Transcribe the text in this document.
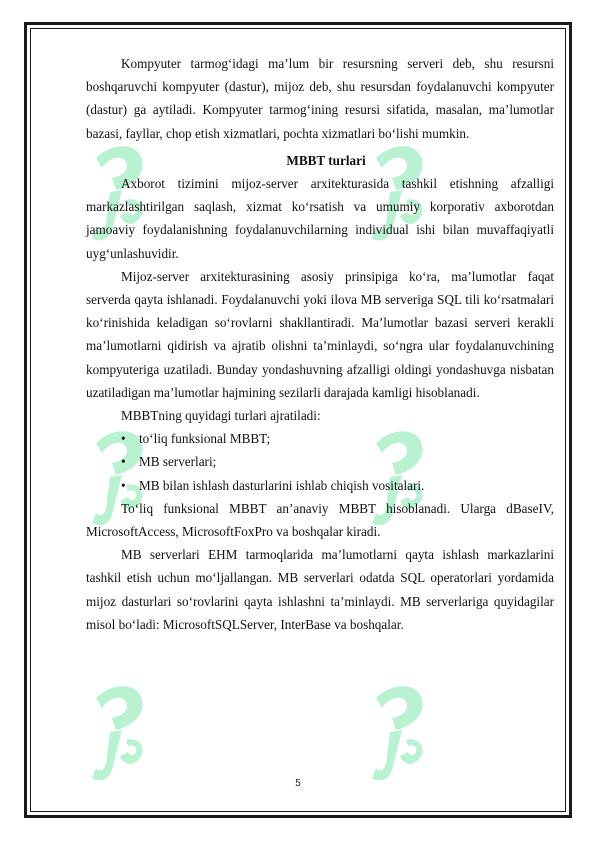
Kompyuter tarmog‘idagi ma’lum bir resursning serveri deb, shu resursni boshqaruvchi kompyuter (dastur), mijoz deb, shu resursdan foydalanuvchi kompyuter (dastur) ga aytiladi. Kompyuter tarmog‘ining resursi sifatida, masalan, ma’lumotlar bazasi, fayllar, chop etish xizmatlari, pochta xizmatlari bo‘lishi mumkin.

MBBT turlari

Axborot tizimini mijoz-server arxitekturasida tashkil etishning afzalligi markazlashtirilgan saqlash, xizmat ko‘rsatish va umumiy korporativ axborotdan jamoaviy foydalanishning foydalanuvchilarning individual ishi bilan muvaffaqiyatli uyg‘unlashuvidir.

Mijoz-server arxitekturasining asosiy prinsipiga ko‘ra, ma’lumotlar faqat serverda qayta ishlanadi. Foydalanuvchi yoki ilova MB serveriga SQL tili ko‘rsatmalari ko‘rinishida keladigan so‘rovlarni shakllantiradi. Ma’lumotlar bazasi serveri kerakli ma’lumotlarni qidirish va ajratib olishni ta’minlaydi, so‘ngra ular foydalanuvchining kompyuteriga uzatiladi. Bunday yondashuvning afzalligi oldingi yondashuvga nisbatan uzatiladigan ma’lumotlar hajmining sezilarli darajada kamligi hisoblanadi.

MBBTning quyidagi turlari ajratiladi:

• to‘liq funksional MBBT;
• MB serverlari;
• MB bilan ishlash dasturlarini ishlab chiqish vositalari.

To‘liq funksional MBBT an’anaviy MBBT hisoblanadi. Ularga dBaseIV, MicrosoftAccess, MicrosoftFoxPro va boshqalar kiradi.

MB serverlari EHM tarmoqlarida ma’lumotlarni qayta ishlash markazlarini tashkil etish uchun mo‘ljallangan. MB serverlari odatda SQL operatorlari yordamida mijoz dasturlari so‘rovlarini qayta ishlashni ta’minlaydi. MB serverlariga quyidagilar misol bo‘ladi: MicrosoftSQLServer, InterBase va boshqalar.

5
